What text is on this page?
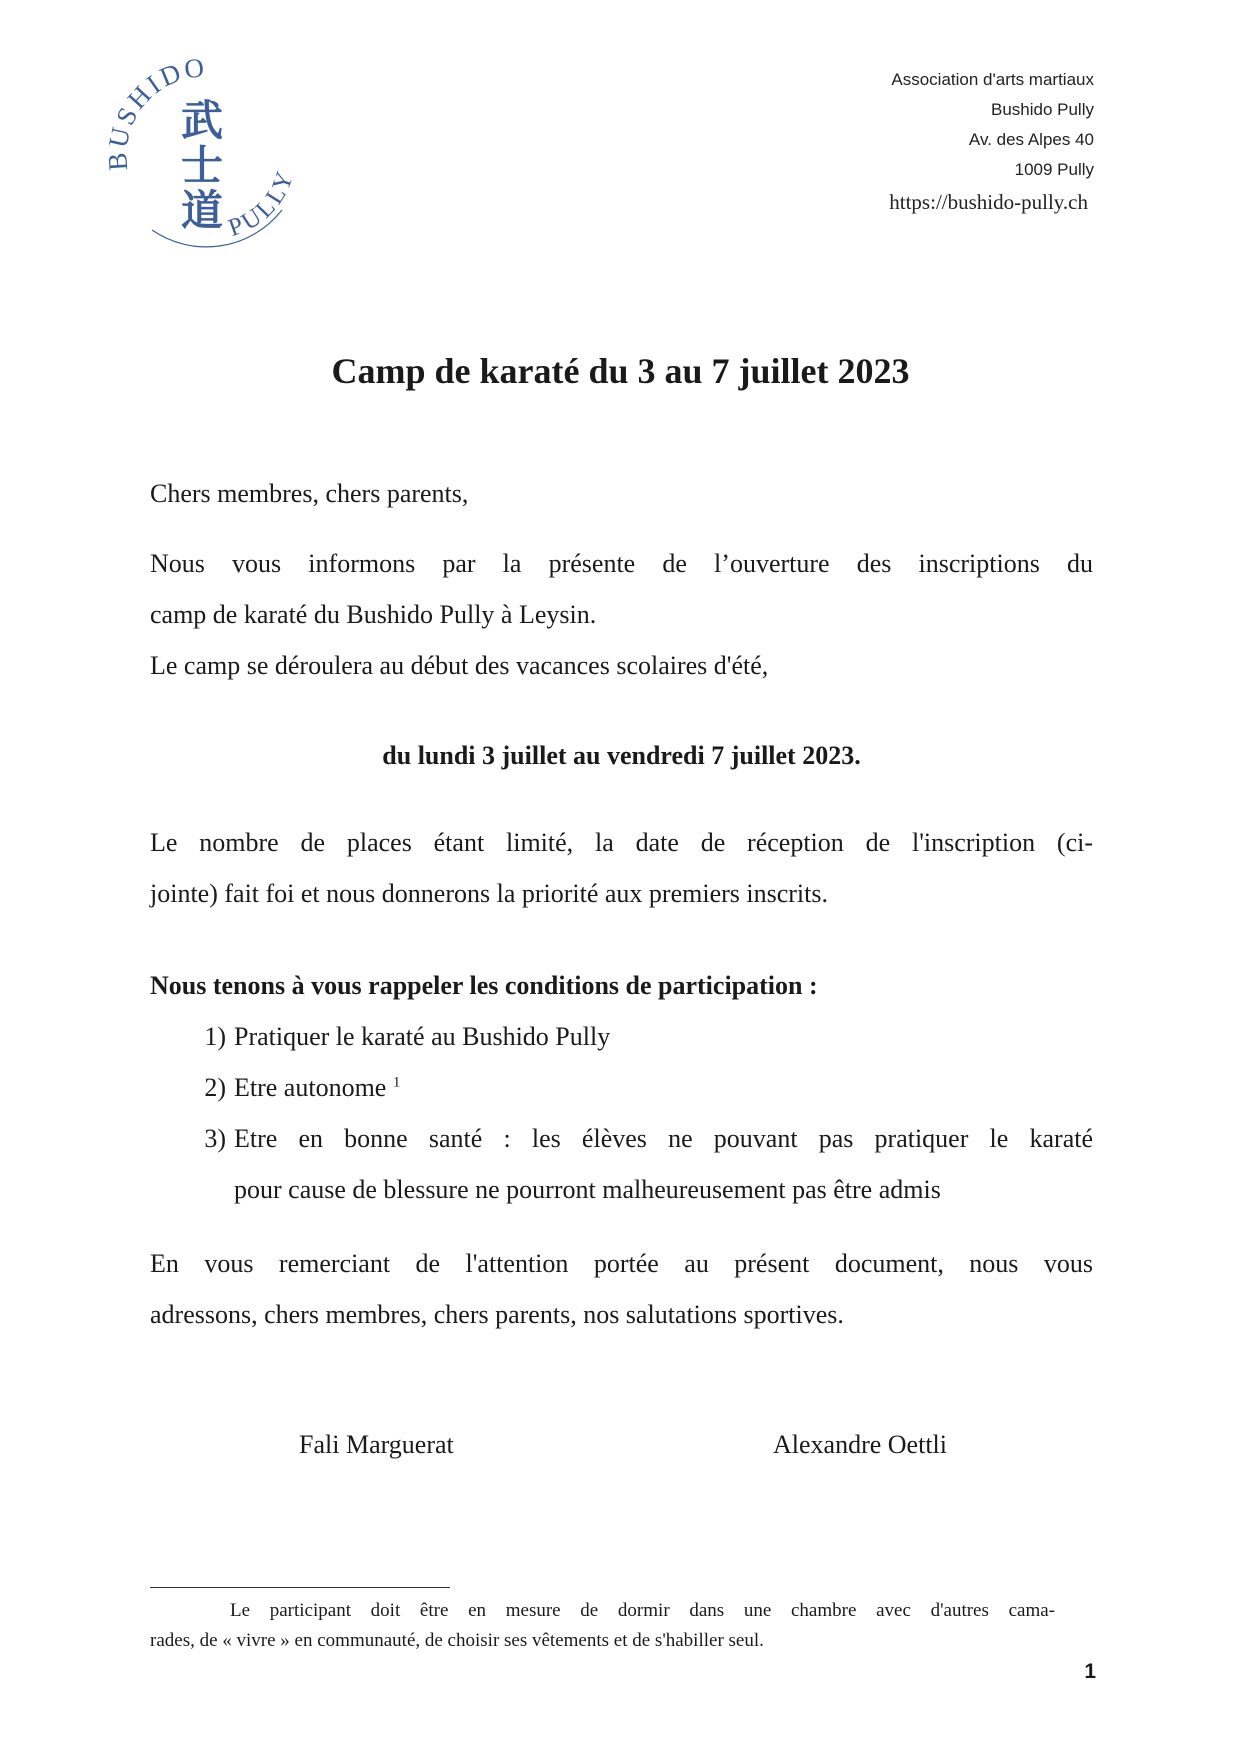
BUSHIDO
PULLY
武
士
道
Association d'arts martiaux
Bushido Pully
Av. des Alpes 40
1009 Pully
https://bushido-pully.ch
Camp de karaté du 3 au 7 juillet 2023

Chers membres, chers parents,

Nous vous informons par la présente de l’ouverture des inscriptions du

camp de karaté du Bushido Pully à Leysin.

Le camp se déroulera au début des vacances scolaires d'été,

du lundi 3 juillet au vendredi 7 juillet 2023.

Le nombre de places étant limité, la date de réception de l'inscription (ci-

jointe) fait foi et nous donnerons la priorité aux premiers inscrits.

Nous tenons à vous rappeler les conditions de participation :

1) Pratiquer le karaté au Bushido Pully
2) Etre autonome $^1$
3) Etre en bonne santé : les élèves ne pouvant pas pratiquer le karaté
pour cause de blessure ne pourront malheureusement pas être admis

En vous remerciant de l'attention portée au présent document, nous vous

adressons, chers membres, chers parents, nos salutations sportives.

Fali Marguerat	Alexandre Oettli
Le participant doit être en mesure de dormir dans une chambre avec d'autres cama-
rades, de « vivre » en communauté, de choisir ses vêtements et de s'habiller seul.
1
